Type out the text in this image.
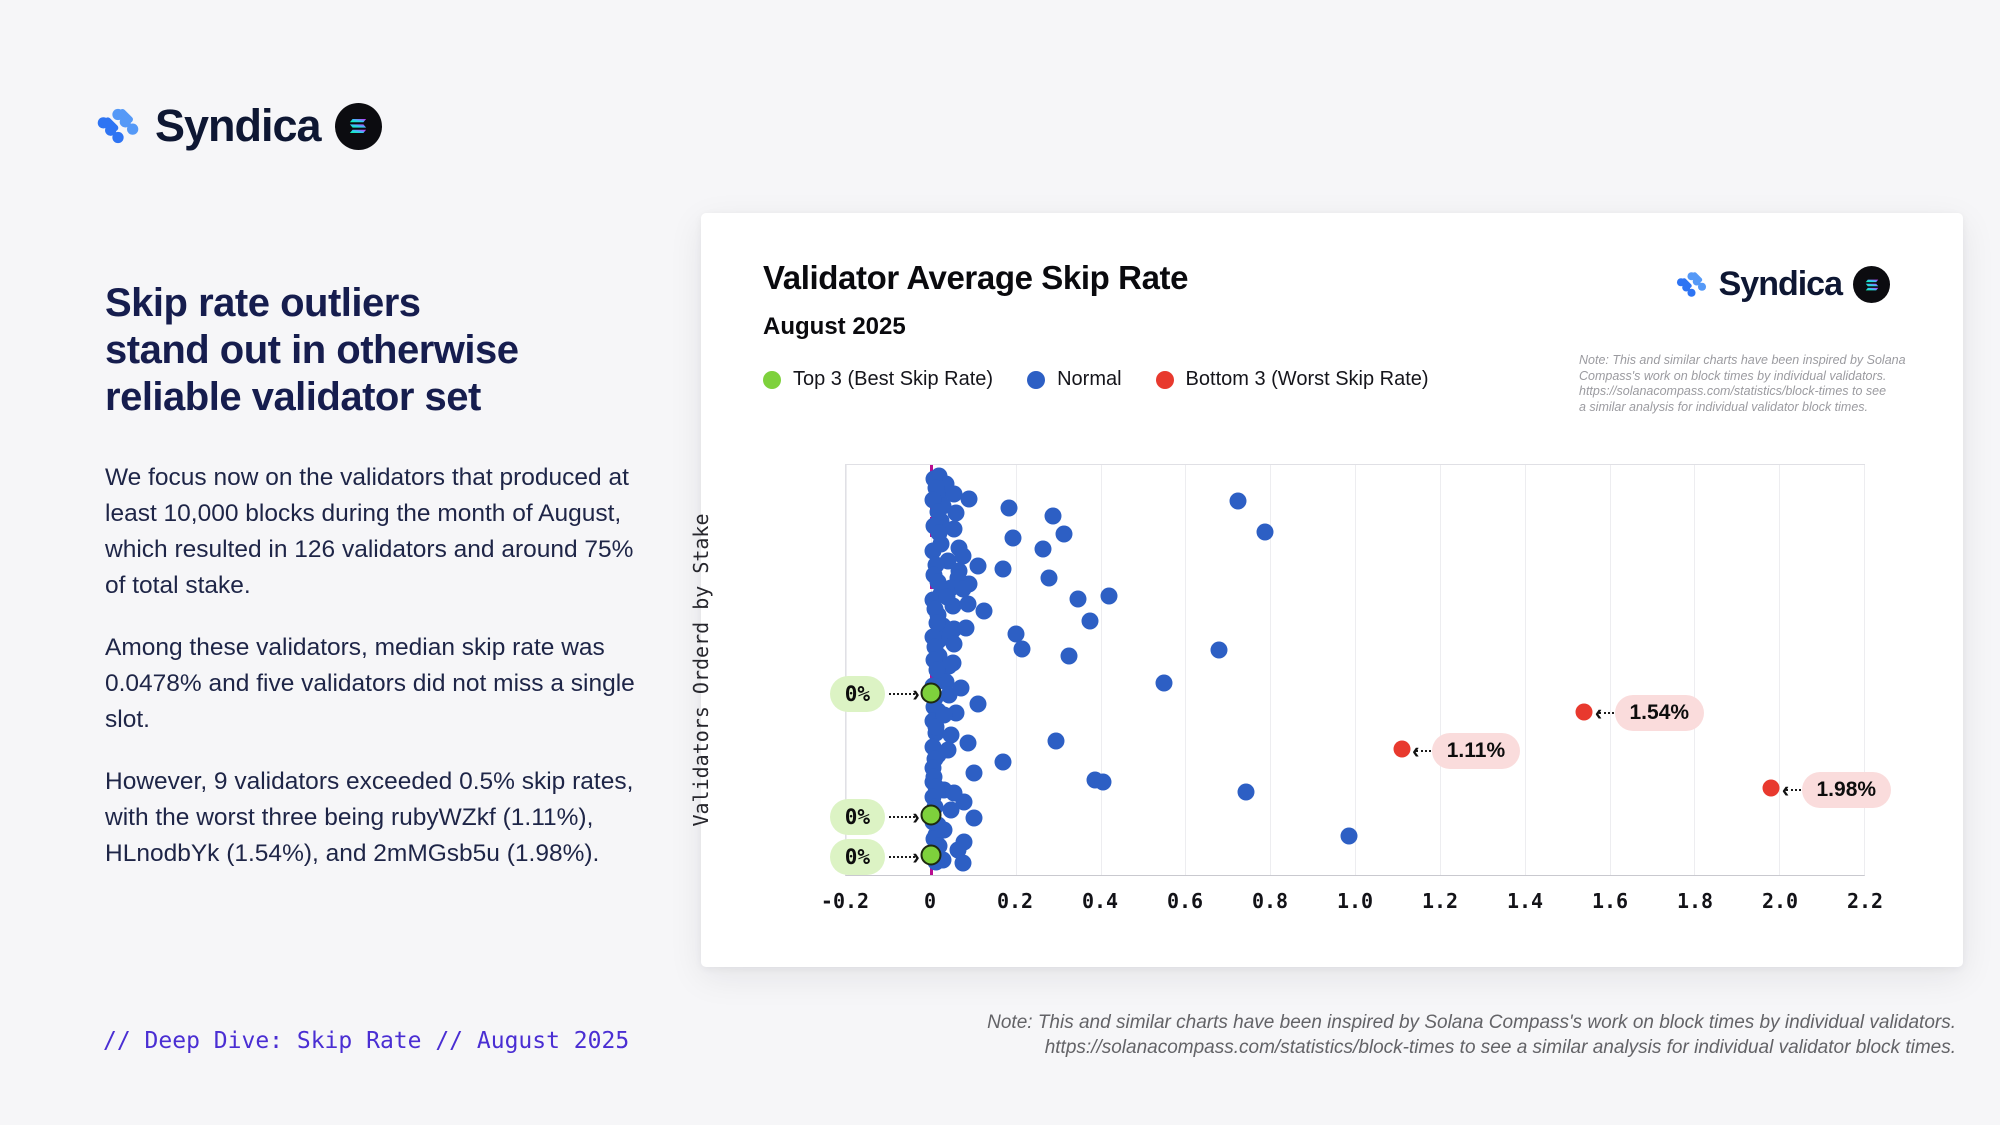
Syndica
Skip rate outliers
stand out in otherwise
reliable validator set

We focus now on the validators that produced at least 10,000 blocks during the month of August, which resulted in 126 validators and around 75% of total stake.

Among these validators, median skip rate was 0.0478% and five validators did not miss a single slot.

However, 9 validators exceeded 0.5% skip rates, with the worst three being rubyWZkf (1.11%), HLnodbYk (1.54%), and 2mMGsb5u (1.98%).

// Deep Dive: Skip Rate // August 2025
Validator Average Skip Rate
August 2025
Top 3 (Best Skip Rate)	Normal	Bottom 3 (Worst Skip Rate)
Syndica
Note: This and similar charts have been inspired by Solana
Compass's work on block times by individual validators.
https://solanacompass.com/statistics/block-times to see
a similar analysis for individual validator block times.
Validators Orderd by Stake	0%	›
0%	›
0%	›
1.54%
‹
1.11%
‹
1.98%
‹
-0.2	0	0.2 0.4 0.6 0.8 1.0 1.2 1.4 1.6 1.8 2.0 2.2
Note: This and similar charts have been inspired by Solana Compass's work on block times by individual validators.
https://solanacompass.com/statistics/block-times to see a similar analysis for individual validator block times.
